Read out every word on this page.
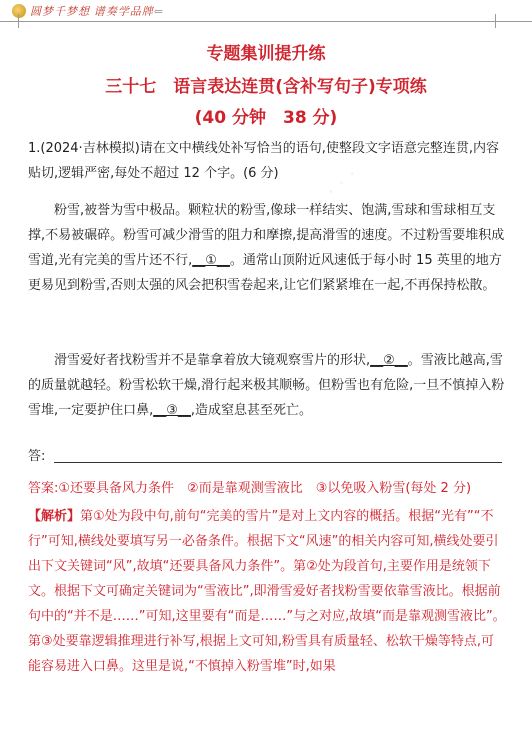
圆梦千梦想 谱奏学品牌 ⇐
· · · · ·
专题集训提升练
三十七　语言表达连贯(含补写句子)专项练
(40 分钟　38 分)
1.(2024·吉林模拟)请在文中横线处补写恰当的语句,使整段文字语意完整连贯,内容贴切,逻辑严密,每处不超过 12 个字。(6 分)
粉雪,被誉为雪中极品。颗粒状的粉雪,像球一样结实、饱满,雪球和雪球相互支撑,不易被碾碎。粉雪可减少滑雪的阻力和摩擦,提高滑雪的速度。不过粉雪要堆积成雪道,光有完美的雪片还不行,__①__。通常山顶附近风速低于每小时 15 英里的地方更易见到粉雪,否则太强的风会把积雪卷起来,让它们紧紧堆在一起,不再保持松散。
滑雪爱好者找粉雪并不是靠拿着放大镜观察雪片的形状,__②__。雪液比越高,雪的质量就越轻。粉雪松软干燥,滑行起来极其顺畅。但粉雪也有危险,一旦不慎掉入粉雪堆,一定要护住口鼻,__③__,造成窒息甚至死亡。
答:
答案:①还要具备风力条件　②而是靠观测雪液比　③以免吸入粉雪(每处 2 分)
【解析】第①处为段中句,前句“完美的雪片”是对上文内容的概括。根据“光有”“不行”可知,横线处要填写另一必备条件。根据下文“风速”的相关内容可知,横线处要引出下文关键词“风”,故填“还要具备风力条件”。第②处为段首句,主要作用是统领下文。根据下文可确定关键词为“雪液比”,即滑雪爱好者找粉雪要依靠雪液比。根据前句中的“并不是……”可知,这里要有“而是……”与之对应,故填“而是靠观测雪液比”。第③处要靠逻辑推理进行补写,根据上文可知,粉雪具有质量轻、松软干燥等特点,可能容易进入口鼻。这里是说,“不慎掉入粉雪堆”时,如果
